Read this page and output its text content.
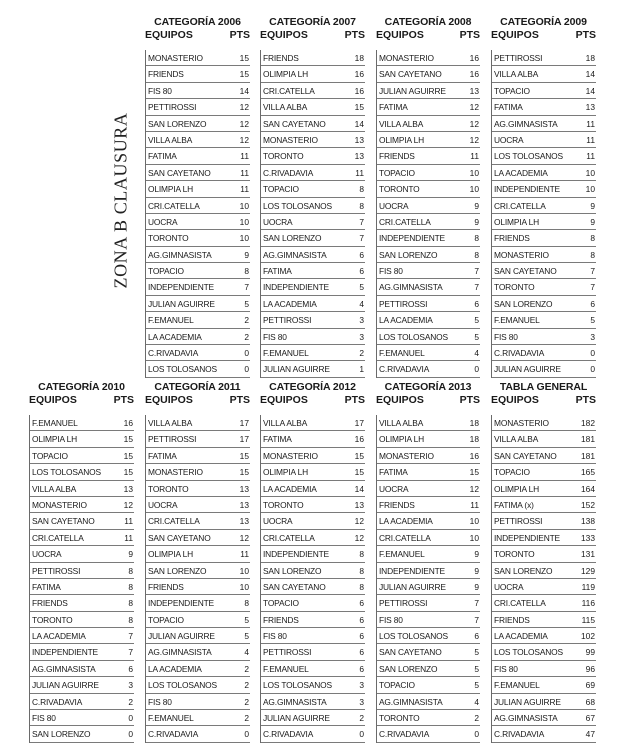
ZONA B CLAUSURA
CATEGORÍA 2006
EQUIPOS	PTS
MONASTERIO	15
FRIENDS	15
FIS 80	14
PETTIROSSI	12
SAN LORENZO	12
VILLA ALBA	12
FATIMA	11
SAN CAYETANO	11
OLIMPIA LH	11
CRI.CATELLA	10
UOCRA	10
TORONTO	10
AG.GIMNASISTA	9
TOPACIO	8
INDEPENDIENTE	7
JULIAN AGUIRRE	5
F.EMANUEL	2
LA ACADEMIA	2
C.RIVADAVIA	0
LOS TOLOSANOS	0
CATEGORÍA 2007
EQUIPOS	PTS
FRIENDS	18
OLIMPIA LH	16
CRI.CATELLA	16
VILLA ALBA	15
SAN CAYETANO	14
MONASTERIO	13
TORONTO	13
C.RIVADAVIA	11
TOPACIO	8
LOS TOLOSANOS	8
UOCRA	7
SAN LORENZO	7
AG.GIMNASISTA	6
FATIMA	6
INDEPENDIENTE	5
LA ACADEMIA	4
PETTIROSSI	3
FIS 80	3
F.EMANUEL	2
JULIAN AGUIRRE	1
CATEGORÍA 2008
EQUIPOS	PTS
MONASTERIO	16
SAN CAYETANO	16
JULIAN AGUIRRE	13
FATIMA	12
VILLA ALBA	12
OLIMPIA LH	12
FRIENDS	11
TOPACIO	10
TORONTO	10
UOCRA	9
CRI.CATELLA	9
INDEPENDIENTE	8
SAN LORENZO	8
FIS 80	7
AG.GIMNASISTA	7
PETTIROSSI	6
LA ACADEMIA	5
LOS TOLOSANOS	5
F.EMANUEL	4
C.RIVADAVIA	0
CATEGORÍA 2009
EQUIPOS	PTS
PETTIROSSI	18
VILLA ALBA	14
TOPACIO	14
FATIMA	13
AG.GIMNASISTA	11
UOCRA	11
LOS TOLOSANOS	11
LA ACADEMIA	10
INDEPENDIENTE	10
CRI.CATELLA	9
OLIMPIA LH	9
FRIENDS	8
MONASTERIO	8
SAN CAYETANO	7
TORONTO	7
SAN LORENZO	6
F.EMANUEL	5
FIS 80	3
C.RIVADAVIA	0
JULIAN AGUIRRE	0
CATEGORÍA 2010
EQUIPOS	PTS
F.EMANUEL	16
OLIMPIA LH	15
TOPACIO	15
LOS TOLOSANOS	15
VILLA ALBA	13
MONASTERIO	12
SAN CAYETANO	11
CRI.CATELLA	11
UOCRA	9
PETTIROSSI	8
FATIMA	8
FRIENDS	8
TORONTO	8
LA ACADEMIA	7
INDEPENDIENTE	7
AG.GIMNASISTA	6
JULIAN AGUIRRE	3
C.RIVADAVIA	2
FIS 80	0
SAN LORENZO	0
CATEGORÍA 2011
EQUIPOS	PTS
VILLA ALBA	17
PETTIROSSI	17
FATIMA	15
MONASTERIO	15
TORONTO	13
UOCRA	13
CRI.CATELLA	13
SAN CAYETANO	12
OLIMPIA LH	11
SAN LORENZO	10
FRIENDS	10
INDEPENDIENTE	8
TOPACIO	5
JULIAN AGUIRRE	5
AG.GIMNASISTA	4
LA ACADEMIA	2
LOS TOLOSANOS	2
FIS 80	2
F.EMANUEL	2
C.RIVADAVIA	0
CATEGORÍA 2012
EQUIPOS	PTS
VILLA ALBA	17
FATIMA	16
MONASTERIO	15
OLIMPIA LH	15
LA ACADEMIA	14
TORONTO	13
UOCRA	12
CRI.CATELLA	12
INDEPENDIENTE	8
SAN LORENZO	8
SAN CAYETANO	8
TOPACIO	6
FRIENDS	6
FIS 80	6
PETTIROSSI	6
F.EMANUEL	6
LOS TOLOSANOS	3
AG.GIMNASISTA	3
JULIAN AGUIRRE	2
C.RIVADAVIA	0
CATEGORÍA 2013
EQUIPOS	PTS
VILLA ALBA	18
OLIMPIA LH	18
MONASTERIO	16
FATIMA	15
UOCRA	12
FRIENDS	11
LA ACADEMIA	10
CRI.CATELLA	10
F.EMANUEL	9
INDEPENDIENTE	9
JULIAN AGUIRRE	9
PETTIROSSI	7
FIS 80	7
LOS TOLOSANOS	6
SAN CAYETANO	5
SAN LORENZO	5
TOPACIO	5
AG.GIMNASISTA	4
TORONTO	2
C.RIVADAVIA	0
TABLA GENERAL
EQUIPOS	PTS
MONASTERIO	182
VILLA ALBA	181
SAN CAYETANO	181
TOPACIO	165
OLIMPIA LH	164
FATIMA (x)	152
PETTIROSSI	138
INDEPENDIENTE	133
TORONTO	131
SAN LORENZO	129
UOCRA	119
CRI.CATELLA	116
FRIENDS	115
LA ACADEMIA	102
LOS TOLOSANOS	99
FIS 80	96
F.EMANUEL	69
JULIAN AGUIRRE	68
AG.GIMNASISTA	67
C.RIVADAVIA	47
